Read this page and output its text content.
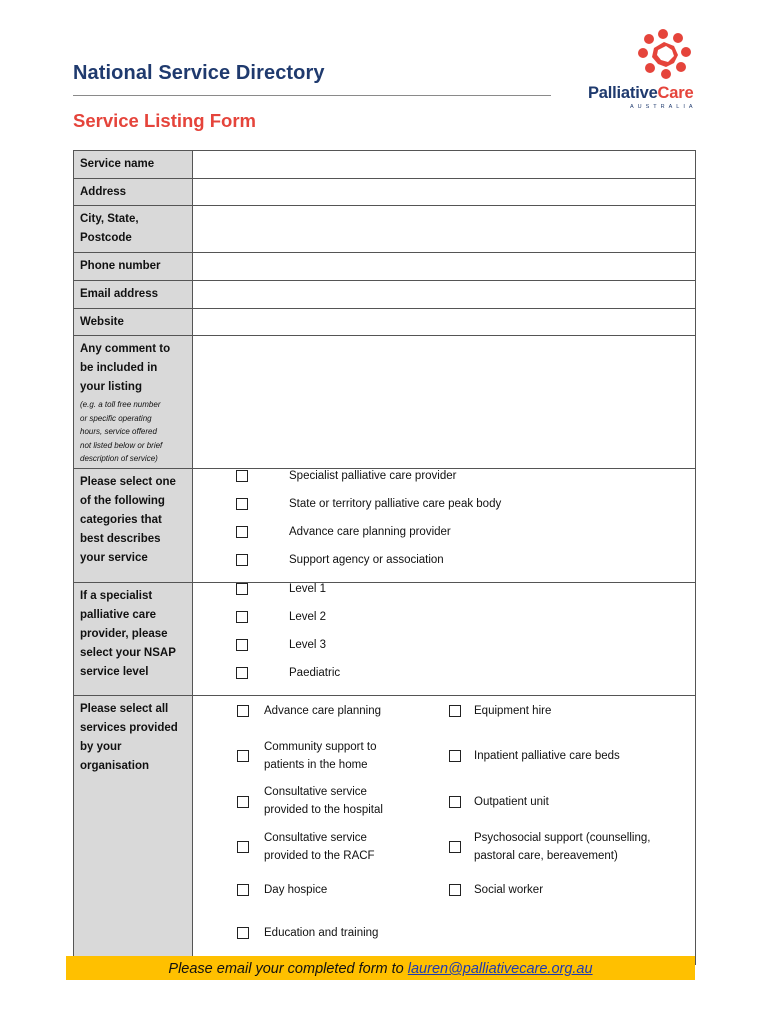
National Service Directory
Service Listing Form
PalliativeCare
AUSTRALIA
Service name
Address
City, State,
Postcode
Phone number
Email address
Website
Any comment to
be included in
your listing
(e.g. a toll free number
or specific operating
hours, service offered
not listed below or brief
description of service)
Please select one
of the following
categories that
best describes
your service
If a specialist
palliative care
provider, please
select your NSAP
service level
Please select all
services provided
by your
organisation
Specialist palliative care provider
State or territory palliative care peak body
Advance care planning provider
Support agency or association
Level 1
Level 2
Level 3
Paediatric
Advance care planning
Community support to
patients in the home
Consultative service
provided to the hospital
Consultative service
provided to the RACF
Day hospice
Education and training
Equipment hire
Inpatient palliative care beds
Outpatient unit
Psychosocial support (counselling,
pastoral care, bereavement)
Social worker
Please email your completed form to lauren@palliativecare.org.au
